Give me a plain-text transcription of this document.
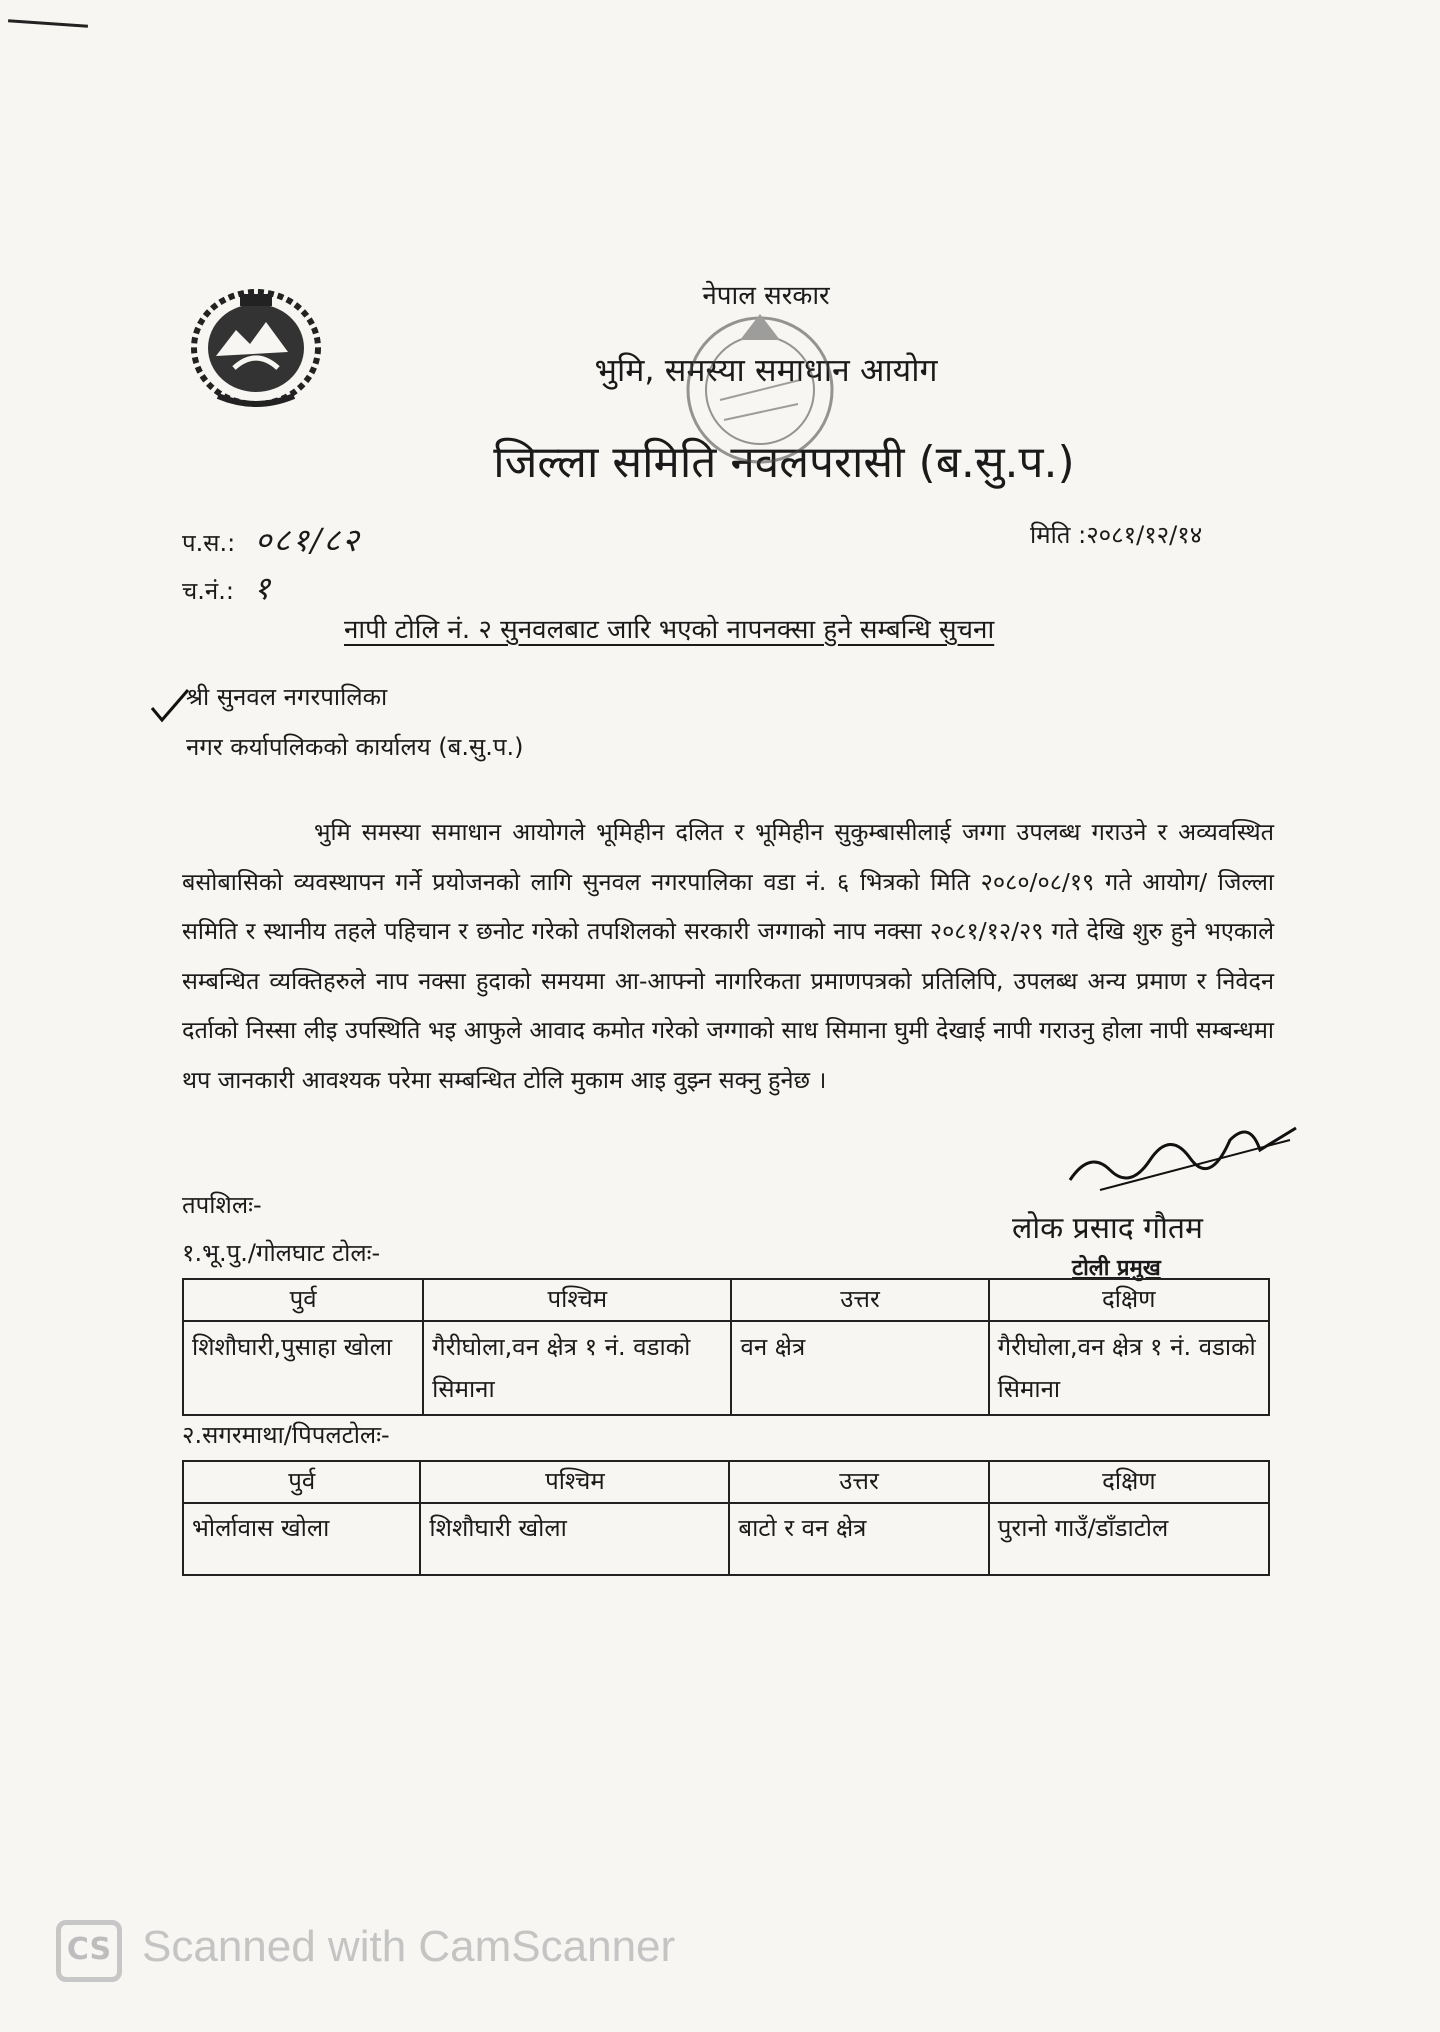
नेपाल सरकार
भुमि, समस्या समाधान आयोग
जिल्ला समिति नवलपरासी (ब.सु.प.)
प.स.: ०८१/८२
च.नं.: १
मिति :२०८१/१२/१४
नापी टोलि नं. २ सुनवलबाट जारि भएको नापनक्सा हुने सम्बन्धि सुचना
श्री सुनवल नगरपालिका
नगर कर्यापलिकको कार्यालय (ब.सु.प.)
भुमि समस्या समाधान आयोगले भूमिहीन दलित र भूमिहीन सुकुम्बासीलाई जग्गा उपलब्ध गराउने र अव्यवस्थित बसोबासिको व्यवस्थापन गर्ने प्रयोजनको लागि सुनवल नगरपालिका वडा नं. ६ भित्रको मिति २०८०/०८/१९ गते आयोग/ जिल्ला समिति र स्थानीय तहले पहिचान र छनोट गरेको तपशिलको सरकारी जग्गाको नाप नक्सा २०८१/१२/२९ गते देखि शुरु हुने भएकाले सम्बन्धित व्यक्तिहरुले नाप नक्सा हुदाको समयमा आ-आफ्नो नागरिकता प्रमाणपत्रको प्रतिलिपि, उपलब्ध अन्य प्रमाण र निवेदन दर्ताको निस्सा लीइ उपस्थिति भइ आफुले आवाद कमोत गरेको जग्गाको साध सिमाना घुमी देखाई नापी गराउनु होला नापी सम्बन्धमा थप जानकारी आवश्यक परेमा सम्बन्धित टोलि मुकाम आइ वुझ्न सक्नु हुनेछ ।
लोक प्रसाद गौतम
टोली प्रमुख
तपशिलः-
१.भू.पु./गोलघाट टोलः-
पुर्व	पश्चिम	उत्तर	दक्षिण
शिशौघारी,पुसाहा खोला	गैरीघोला,वन क्षेत्र १ नं. वडाको सिमाना	वन क्षेत्र	गैरीघोला,वन क्षेत्र १ नं. वडाको सिमाना
२.सगरमाथा/पिपलटोलः-
पुर्व	पश्चिम	उत्तर	दक्षिण
भोर्लावास खोला	शिशौघारी खोला	बाटो र वन क्षेत्र	पुरानो गाउँ/डाँडाटोल
CS Scanned with CamScanner
